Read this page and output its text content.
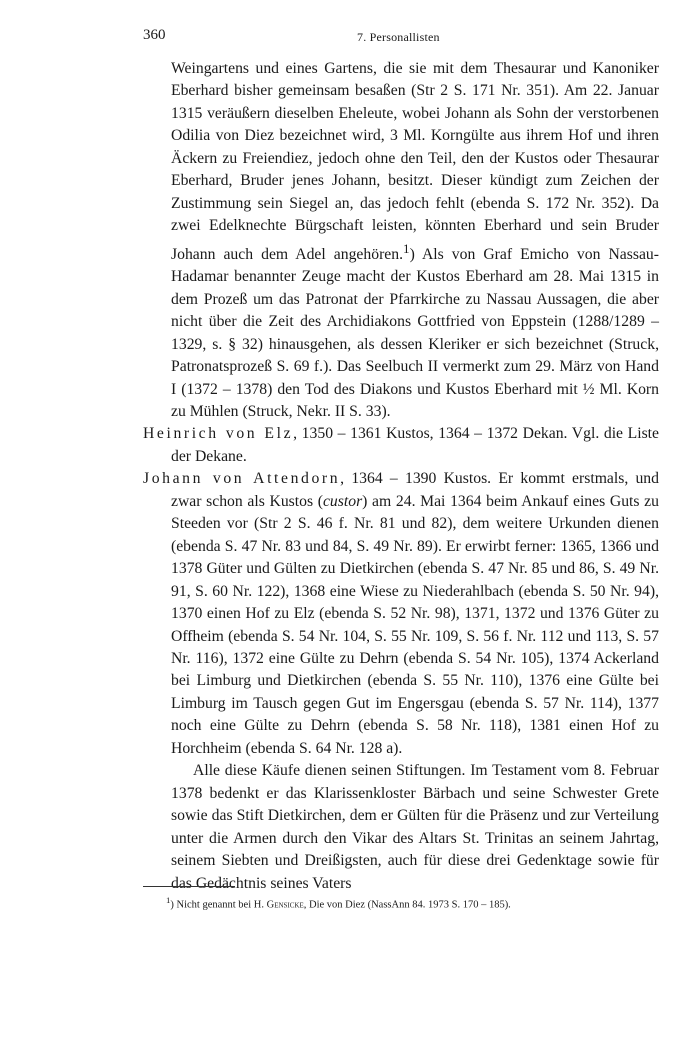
360	7. Personallisten

Weingartens und eines Gartens, die sie mit dem Thesaurar und Kanoniker Eberhard bisher gemeinsam besaßen (Str 2 S. 171 Nr. 351). Am 22. Januar 1315 veräußern dieselben Eheleute, wobei Johann als Sohn der verstorbenen Odilia von Diez bezeichnet wird, 3 Ml. Korngülte aus ihrem Hof und ihren Äckern zu Freiendiez, jedoch ohne den Teil, den der Kustos oder Thesaurar Eberhard, Bruder jenes Johann, besitzt. Dieser kündigt zum Zeichen der Zustimmung sein Siegel an, das jedoch fehlt (ebenda S. 172 Nr. 352). Da zwei Edelknechte Bürgschaft leisten, könnten Eberhard und sein Bruder Johann auch dem Adel angehören.$^1$) Als von Graf Emicho von Nassau-Hadamar benannter Zeuge macht der Kustos Eberhard am 28. Mai 1315 in dem Prozeß um das Patronat der Pfarrkirche zu Nassau Aussagen, die aber nicht über die Zeit des Archidiakons Gottfried von Eppstein (1288/1289 – 1329, s. § 32) hinausgehen, als dessen Kleriker er sich bezeichnet (Struck, Patronatsprozeß S. 69 f.). Das Seelbuch II vermerkt zum 29. März von Hand I (1372 – 1378) den Tod des Diakons und Kustos Eberhard mit ½ Ml. Korn zu Mühlen (Struck, Nekr. II S. 33).

Heinrich von Elz, 1350 – 1361 Kustos, 1364 – 1372 Dekan. Vgl. die Liste der Dekane.

Johann von Attendorn, 1364 – 1390 Kustos. Er kommt erstmals, und zwar schon als Kustos (custor) am 24. Mai 1364 beim Ankauf eines Guts zu Steeden vor (Str 2 S. 46 f. Nr. 81 und 82), dem weitere Urkunden dienen (ebenda S. 47 Nr. 83 und 84, S. 49 Nr. 89). Er erwirbt ferner: 1365, 1366 und 1378 Güter und Gülten zu Dietkirchen (ebenda S. 47 Nr. 85 und 86, S. 49 Nr. 91, S. 60 Nr. 122), 1368 eine Wiese zu Niederahlbach (ebenda S. 50 Nr. 94), 1370 einen Hof zu Elz (ebenda S. 52 Nr. 98), 1371, 1372 und 1376 Güter zu Offheim (ebenda S. 54 Nr. 104, S. 55 Nr. 109, S. 56 f. Nr. 112 und 113, S. 57 Nr. 116), 1372 eine Gülte zu Dehrn (ebenda S. 54 Nr. 105), 1374 Ackerland bei Limburg und Dietkirchen (ebenda S. 55 Nr. 110), 1376 eine Gülte bei Limburg im Tausch gegen Gut im Engersgau (ebenda S. 57 Nr. 114), 1377 noch eine Gülte zu Dehrn (ebenda S. 58 Nr. 118), 1381 einen Hof zu Horchheim (ebenda S. 64 Nr. 128 a).

Alle diese Käufe dienen seinen Stiftungen. Im Testament vom 8. Februar 1378 bedenkt er das Klarissenkloster Bärbach und seine Schwester Grete sowie das Stift Dietkirchen, dem er Gülten für die Präsenz und zur Verteilung unter die Armen durch den Vikar des Altars St. Trinitas an seinem Jahrtag, seinem Siebten und Dreißigsten, auch für diese drei Gedenktage sowie für das Gedächtnis seines Vaters

$^1$) Nicht genannt bei H. Gensicke, Die von Diez (NassAnn 84. 1973 S. 170 – 185).
